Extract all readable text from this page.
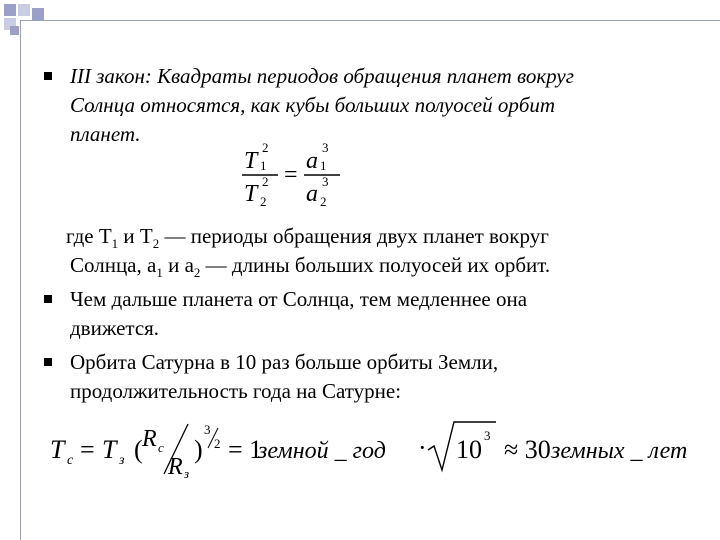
III закон: Квадраты периодов обращения планет вокруг
Солнца относятся, как кубы больших полуосей орбит
планет.
T
2
1
T 2
2
=
a
3
1
a 3
2
где $Т_1$ и $Т_2$ — периоды обращения двух планет вокруг
Солнца, $a_1$ и $a_2$ — длины больших полуосей их орбит.
Чем дальше планета от Солнца, тем медленнее она
движется.
Орбита Сатурна в 10 раз больше орбиты Земли,
продолжительность года на Сатурне:
T c = T з ( R c
R з
)
3
2 = 1
земной _ год · 10 3 ≈ 30 земных _ лет
